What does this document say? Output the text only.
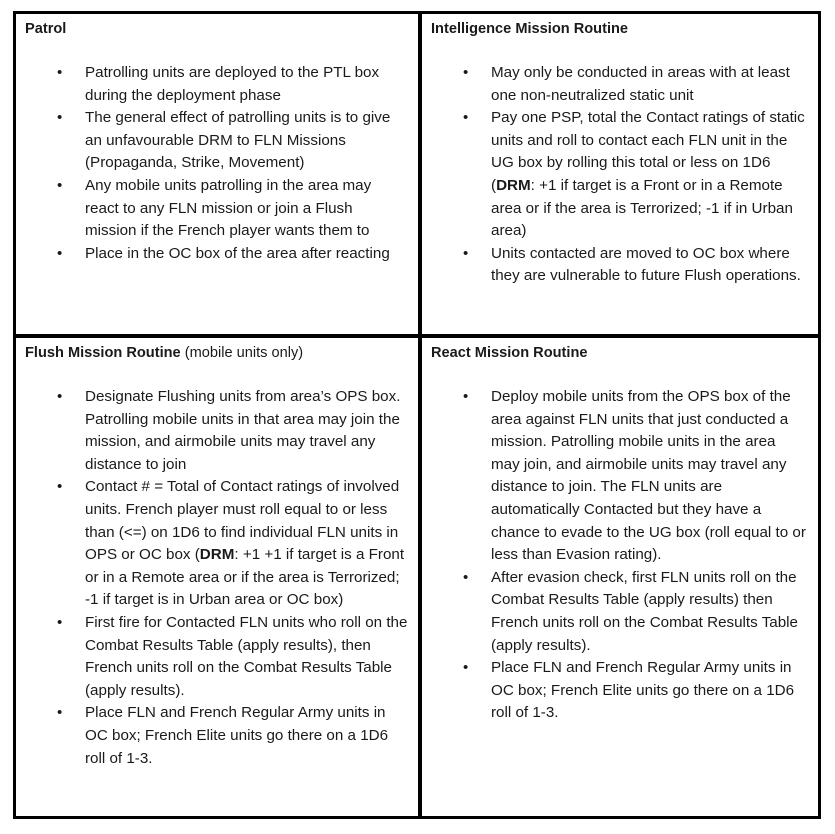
Patrol
• Patrolling units are deployed to the PTL box during the deployment phase
• The general effect of patrolling units is to give an unfavourable DRM to FLN Missions (Propaganda, Strike, Movement)
• Any mobile units patrolling in the area may react to any FLN mission or join a Flush mission if the French player wants them to
• Place in the OC box of the area after reacting
Intelligence Mission Routine
• May only be conducted in areas with at least one non-neutralized static unit
• Pay one PSP, total the Contact ratings of static units and roll to contact each FLN unit in the UG box by rolling this total or less on 1D6 (DRM: +1 if target is a Front or in a Remote area or if the area is Terrorized; -1 if in Urban area)
• Units contacted are moved to OC box where they are vulnerable to future Flush operations.
Flush Mission Routine (mobile units only)
• Designate Flushing units from area’s OPS box. Patrolling mobile units in that area may join the mission, and airmobile units may travel any distance to join
• Contact # = Total of Contact ratings of involved units. French player must roll equal to or less than (<=) on 1D6 to find individual FLN units in OPS or OC box (DRM: +1 +1 if target is a Front or in a Remote area or if the area is Terrorized; -1 if target is in Urban area or OC box)
• First fire for Contacted FLN units who roll on the Combat Results Table (apply results), then French units roll on the Combat Results Table (apply results).
• Place FLN and French Regular Army units in OC box; French Elite units go there on a 1D6 roll of 1-3.
React Mission Routine
• Deploy mobile units from the OPS box of the area against FLN units that just conducted a mission. Patrolling mobile units in the area may join, and airmobile units may travel any distance to join. The FLN units are automatically Contacted but they have a chance to evade to the UG box (roll equal to or less than Evasion rating).
• After evasion check, first FLN units roll on the Combat Results Table (apply results) then French units roll on the Combat Results Table (apply results).
• Place FLN and French Regular Army units in OC box; French Elite units go there on a 1D6 roll of 1-3.
